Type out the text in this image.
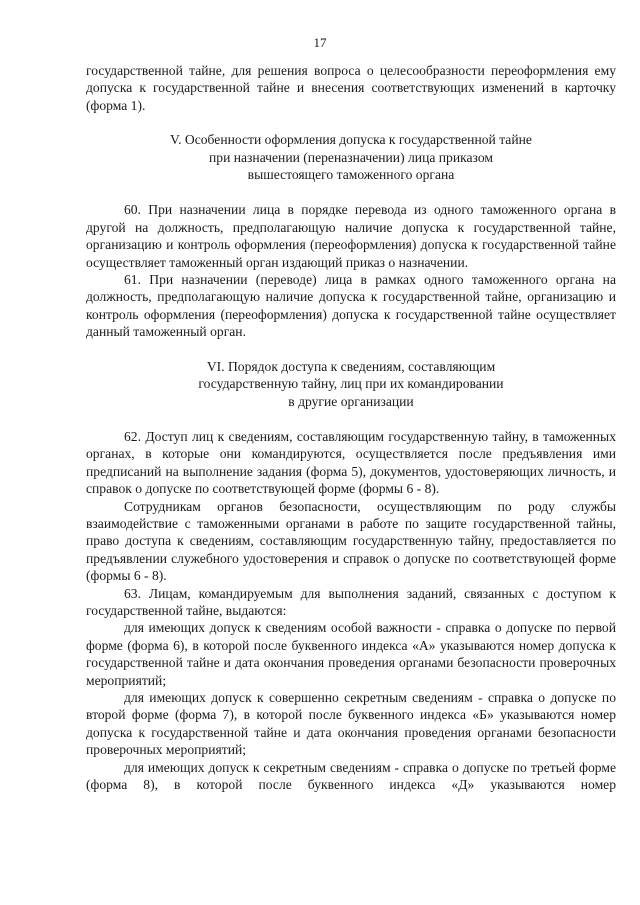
17

государственной тайне, для решения вопроса о целесообразности переоформления ему допуска к государственной тайне и внесения соответствующих изменений в карточку (форма 1).

V. Особенности оформления допуска к государственной тайне
при назначении (переназначении) лица приказом
вышестоящего таможенного органа

60. При назначении лица в порядке перевода из одного таможенного органа в другой на должность, предполагающую наличие допуска к государственной тайне, организацию и контроль оформления (переоформления) допуска к государственной тайне осуществляет таможенный орган издающий приказ о назначении.

61. При назначении (переводе) лица в рамках одного таможенного органа на должность, предполагающую наличие допуска к государственной тайне, организацию и контроль оформления (переоформления) допуска к государственной тайне осуществляет данный таможенный орган.

VI. Порядок доступа к сведениям, составляющим
государственную тайну, лиц при их командировании
в другие организации

62. Доступ лиц к сведениям, составляющим государственную тайну, в таможенных органах, в которые они командируются, осуществляется после предъявления ими предписаний на выполнение задания (форма 5), документов, удостоверяющих личность, и справок о допуске по соответствующей форме (формы 6 - 8).

Сотрудникам органов безопасности, осуществляющим по роду службы взаимодействие с таможенными органами в работе по защите государственной тайны, право доступа к сведениям, составляющим государственную тайну, предоставляется по предъявлении служебного удостоверения и справок о допуске по соответствующей форме (формы 6 - 8).

63. Лицам, командируемым для выполнения заданий, связанных с доступом к государственной тайне, выдаются:

для имеющих допуск к сведениям особой важности - справка о допуске по первой форме (форма 6), в которой после буквенного индекса «А» указываются номер допуска к государственной тайне и дата окончания проведения органами безопасности проверочных мероприятий;

для имеющих допуск к совершенно секретным сведениям - справка о допуске по второй форме (форма 7), в которой после буквенного индекса «Б» указываются номер допуска к государственной тайне и дата окончания проведения органами безопасности проверочных мероприятий;

для имеющих допуск к секретным сведениям - справка о допуске по третьей форме (форма 8), в которой после буквенного индекса «Д» указываются номер
